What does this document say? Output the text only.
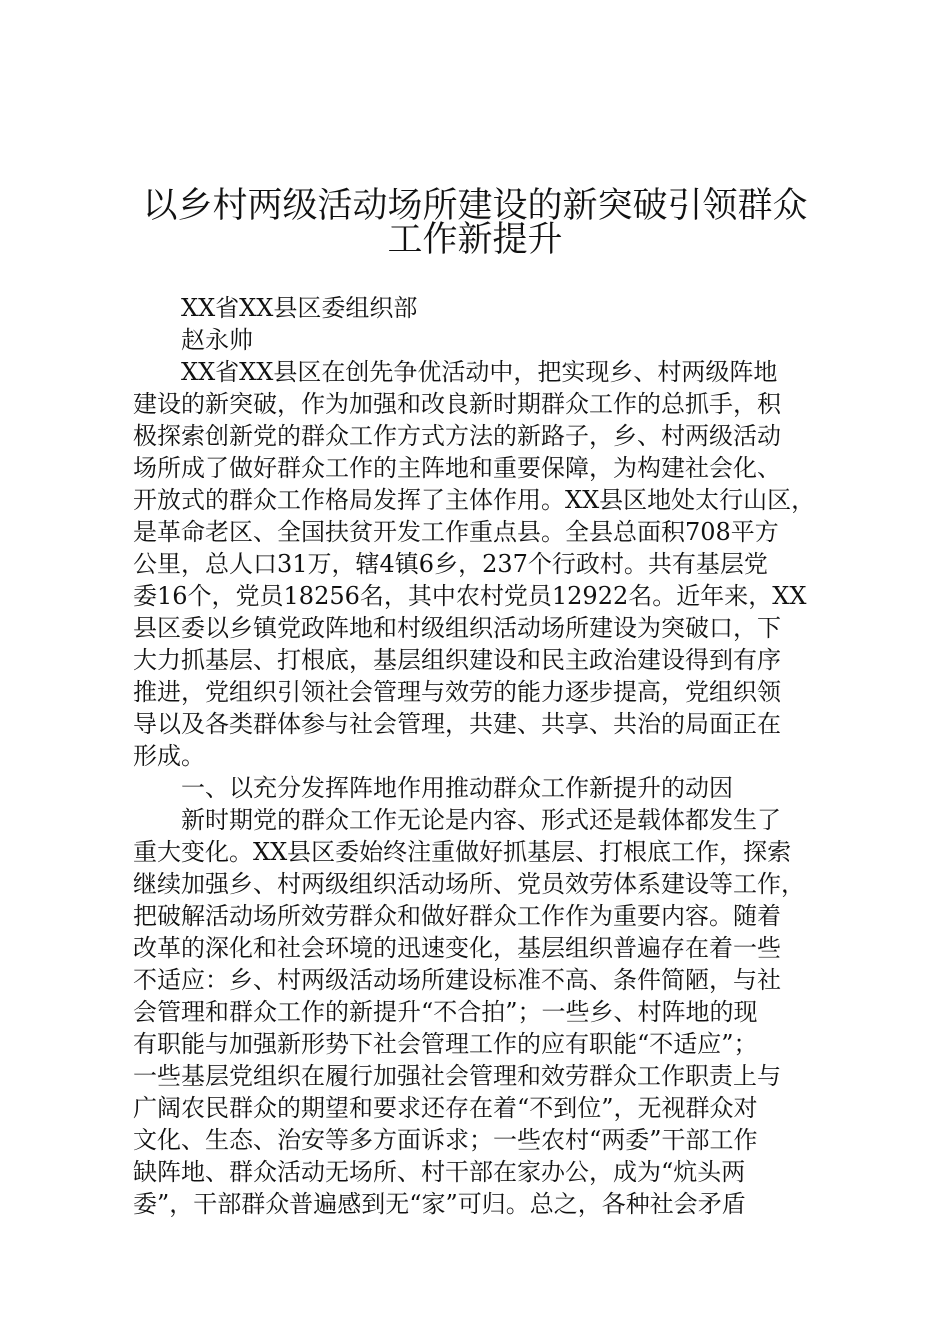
以乡村两级活动场所建设的新突破引领群众
工作新提升
XX省XX县区委组织部
赵永帅
XX省XX县区在创先争优活动中，把实现乡、村两级阵地
建设的新突破，作为加强和改良新时期群众工作的总抓手，积
极探索创新党的群众工作方式方法的新路子，乡、村两级活动
场所成了做好群众工作的主阵地和重要保障，为构建社会化、
开放式的群众工作格局发挥了主体作用。XX县区地处太行山区，
是革命老区、全国扶贫开发工作重点县。全县总面积708平方
公里，总人口31万，辖4镇6乡，237个行政村。共有基层党
委16个，党员18256名，其中农村党员12922名。近年来，XX
县区委以乡镇党政阵地和村级组织活动场所建设为突破口，下
大力抓基层、打根底，基层组织建设和民主政治建设得到有序
推进，党组织引领社会管理与效劳的能力逐步提高，党组织领
导以及各类群体参与社会管理，共建、共享、共治的局面正在
形成。
一、以充分发挥阵地作用推动群众工作新提升的动因
新时期党的群众工作无论是内容、形式还是载体都发生了
重大变化。XX县区委始终注重做好抓基层、打根底工作，探索
继续加强乡、村两级组织活动场所、党员效劳体系建设等工作，
把破解活动场所效劳群众和做好群众工作作为重要内容。随着
改革的深化和社会环境的迅速变化，基层组织普遍存在着一些
不适应：乡、村两级活动场所建设标准不高、条件简陋，与社
会管理和群众工作的新提升“不合拍”；一些乡、村阵地的现
有职能与加强新形势下社会管理工作的应有职能“不适应”；
一些基层党组织在履行加强社会管理和效劳群众工作职责上与
广阔农民群众的期望和要求还存在着“不到位”，无视群众对
文化、生态、治安等多方面诉求；一些农村“两委”干部工作
缺阵地、群众活动无场所、村干部在家办公，成为“炕头两
委”，干部群众普遍感到无“家”可归。总之，各种社会矛盾
